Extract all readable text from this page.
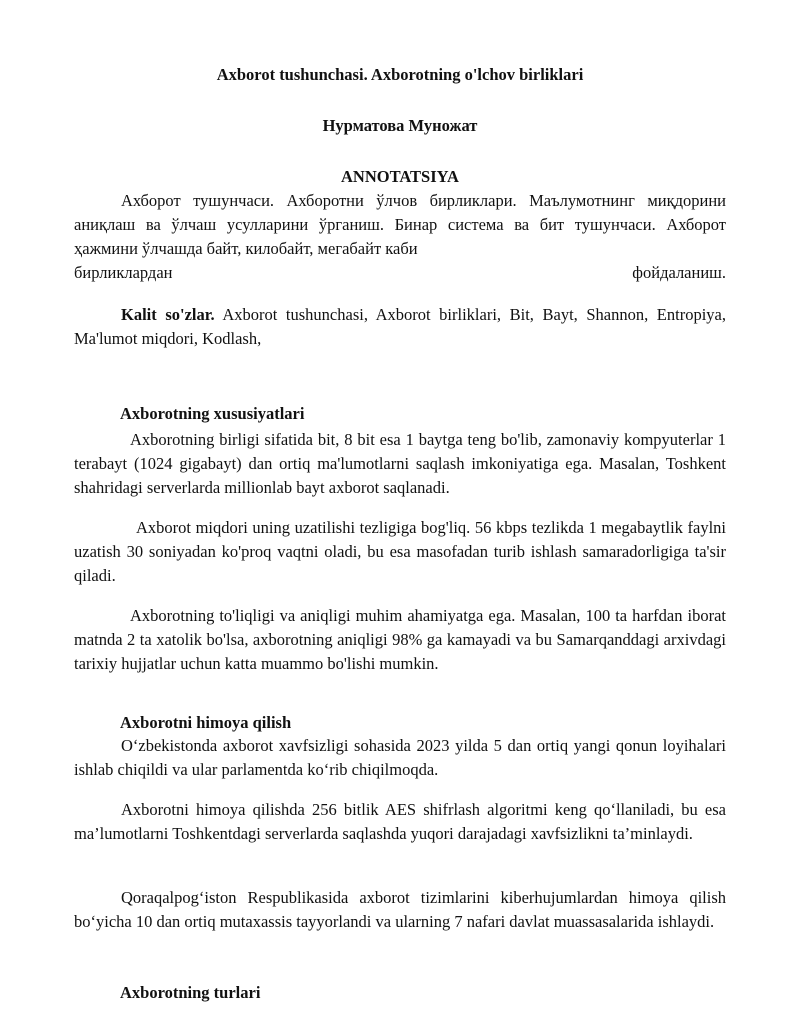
Axborot tushunchasi. Axborotning o'lchov birliklari
Нурматова Муножат
ANNOTATSIYA
Ахборот тушунчаси. Ахборотни ўлчов бирликлари. Маълумотнинг миқдорини аниқлаш ва ўлчаш усулларини ўрганиш. Бинар система ва бит тушунчаси. Ахборот ҳажмини ўлчашда байт, килобайт, мегабайт каби
бирликлардан фойдаланиш.
Kalit so'zlar. Axborot tushunchasi, Axborot birliklari, Bit, Bayt, Shannon, Entropiya, Ma'lumot miqdori, Kodlash,
Axborotning xususiyatlari
Axborotning birligi sifatida bit, 8 bit esa 1 baytga teng bo'lib, zamonaviy kompyuterlar 1 terabayt (1024 gigabayt) dan ortiq ma'lumotlarni saqlash imkoniyatiga ega. Masalan, Toshkent shahridagi serverlarda millionlab bayt axborot saqlanadi.
Axborot miqdori uning uzatilishi tezligiga bog'liq. 56 kbps tezlikda 1 megabaytlik faylni uzatish 30 soniyadan ko'proq vaqtni oladi, bu esa masofadan turib ishlash samaradorligiga ta'sir qiladi.
Axborotning to'liqligi va aniqligi muhim ahamiyatga ega. Masalan, 100 ta harfdan iborat matnda 2 ta xatolik bo'lsa, axborotning aniqligi 98% ga kamayadi va bu Samarqanddagi arxivdagi tarixiy hujjatlar uchun katta muammo bo'lishi mumkin.
Axborotni himoya qilish
O‘zbekistonda axborot xavfsizligi sohasida 2023 yilda 5 dan ortiq yangi qonun loyihalari ishlab chiqildi va ular parlamentda ko‘rib chiqilmoqda.
Axborotni himoya qilishda 256 bitlik AES shifrlash algoritmi keng qo‘llaniladi, bu esa ma’lumotlarni Toshkentdagi serverlarda saqlashda yuqori darajadagi xavfsizlikni ta’minlaydi.
Qoraqalpog‘iston Respublikasida axborot tizimlarini kiberhujumlardan himoya qilish bo‘yicha 10 dan ortiq mutaxassis tayyorlandi va ularning 7 nafari davlat muassasalarida ishlaydi.
Axborotning turlari
